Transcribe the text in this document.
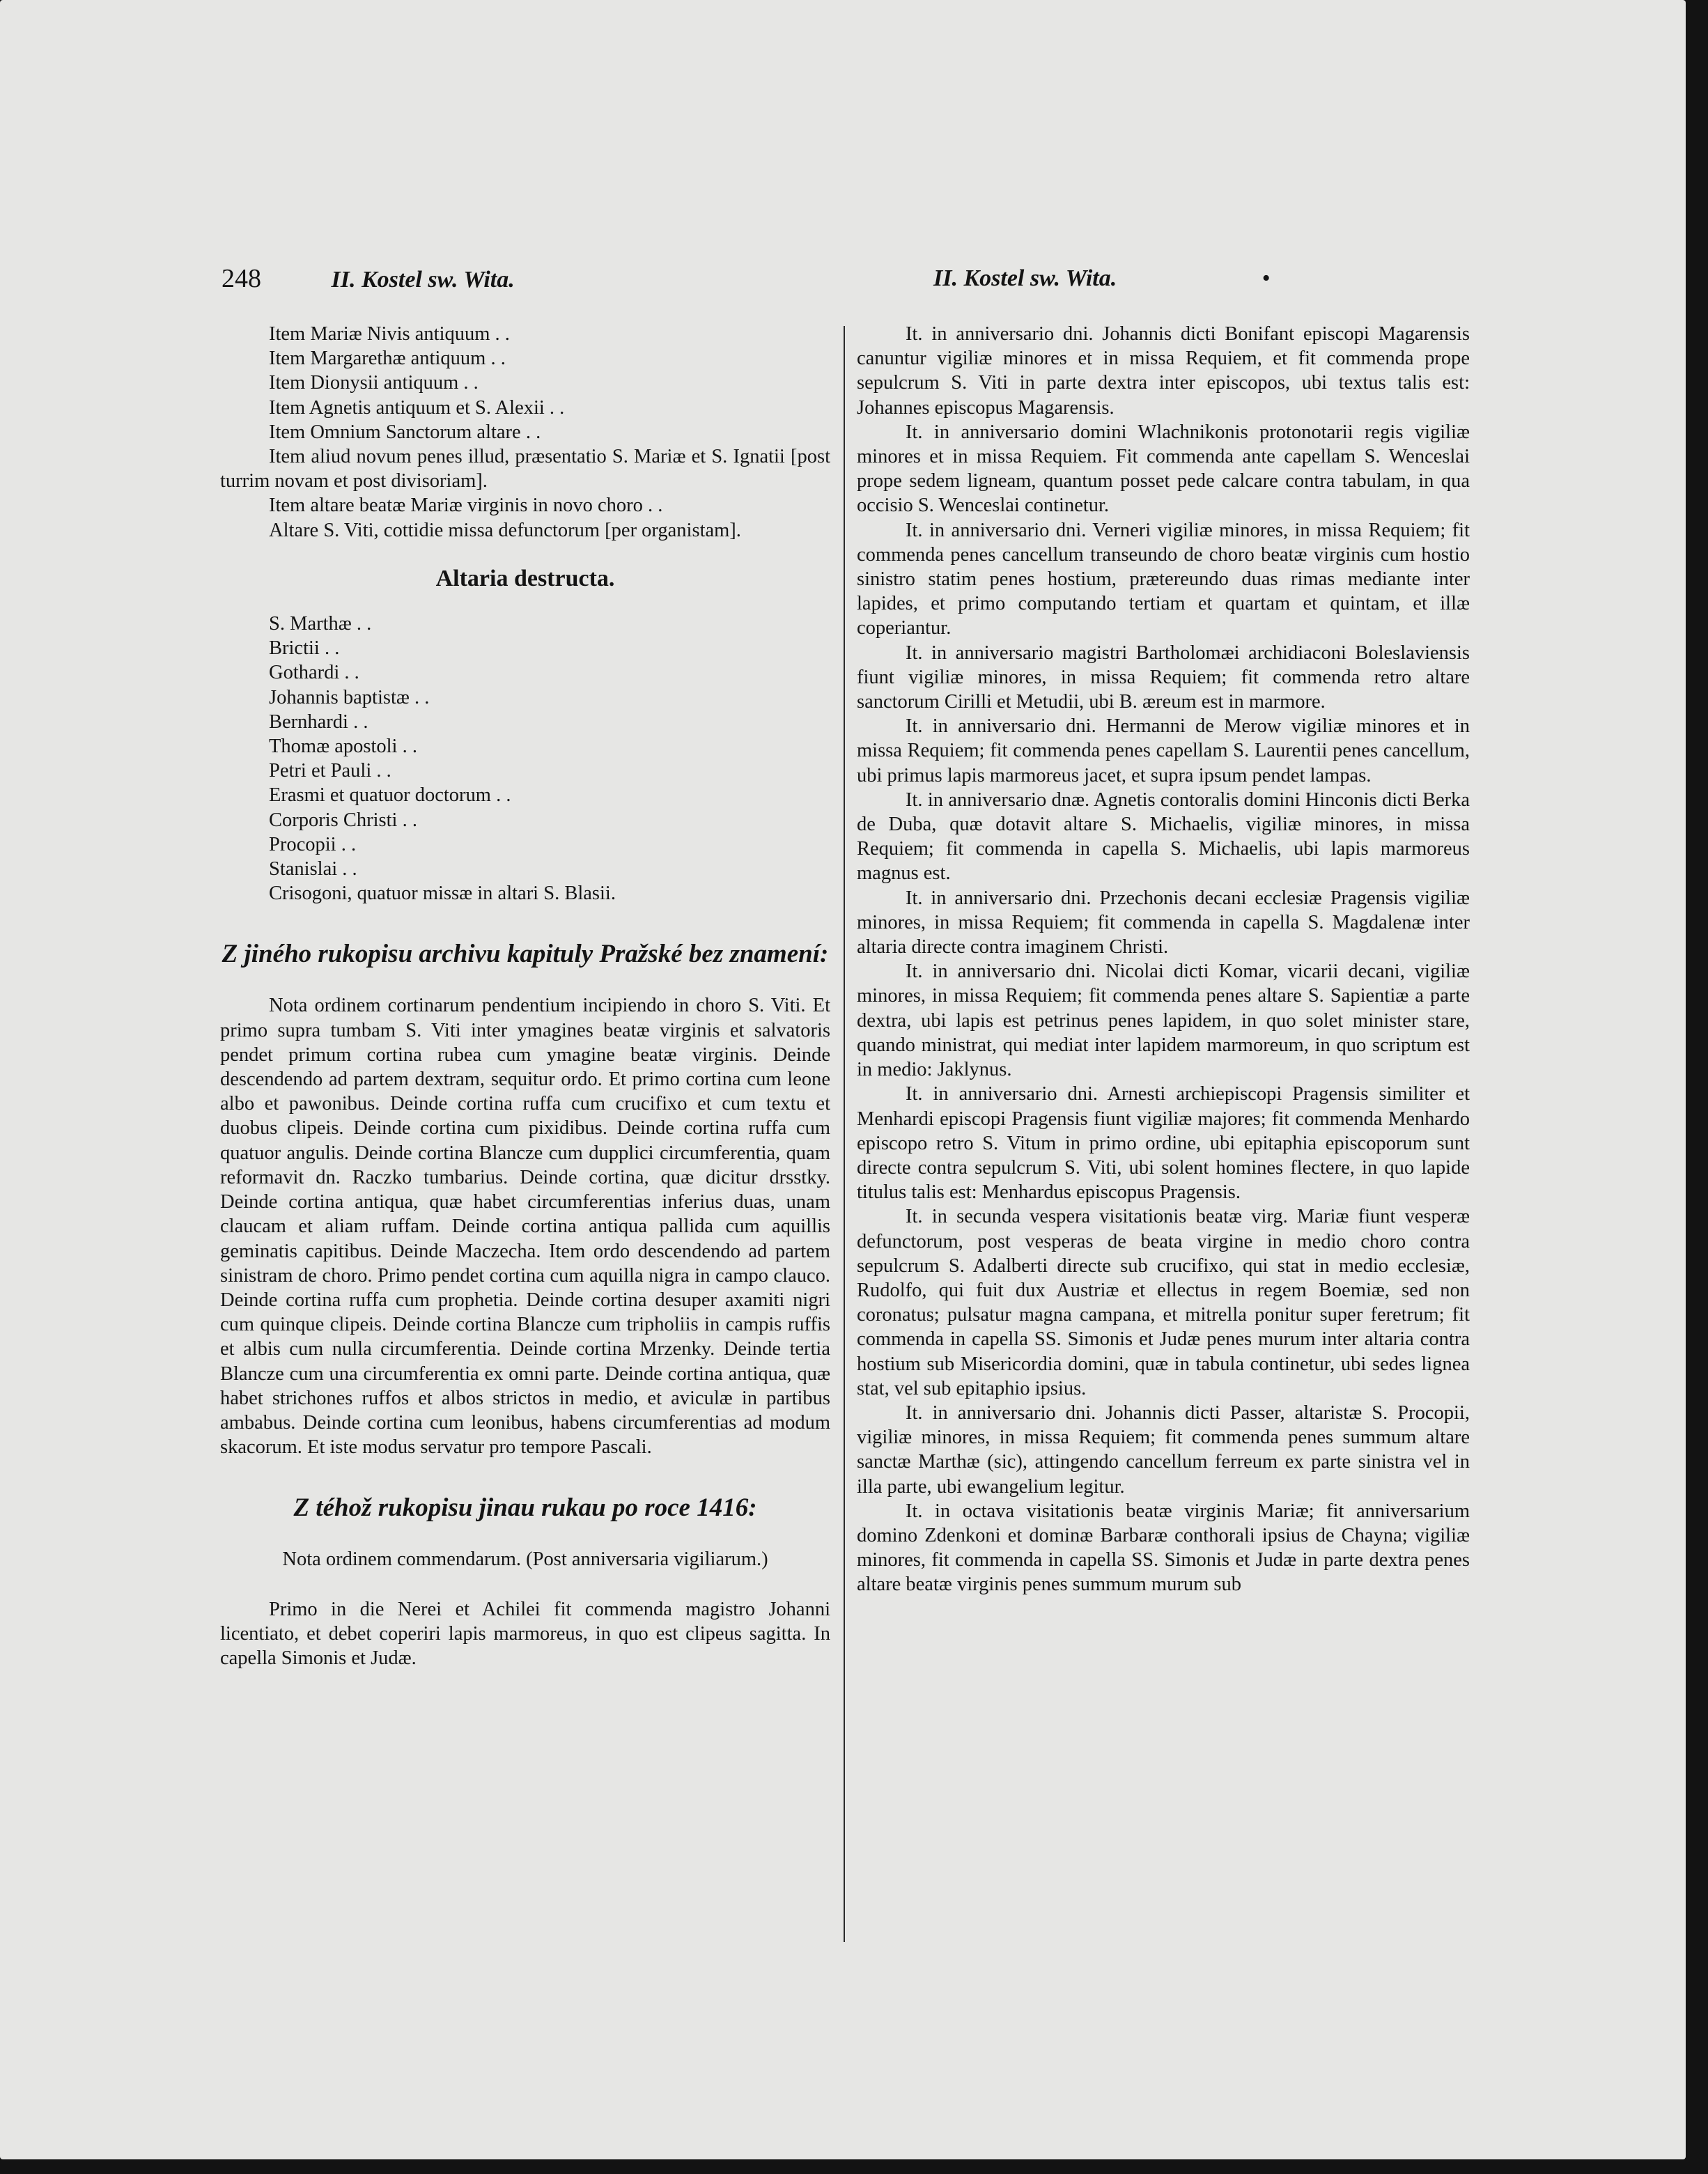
248	II. Kostel sw. Wita.	II. Kostel sw. Wita.	•
Item Mariæ Nivis antiquum . .
Item Margarethæ antiquum . .
Item Dionysii antiquum . .
Item Agnetis antiquum et S. Alexii . .
Item Omnium Sanctorum altare . .
Item aliud novum penes illud, præsentatio S. Mariæ et S. Ignatii [post turrim novam et post divisoriam].
Item altare beatæ Mariæ virginis in novo choro . .
Altare S. Viti, cottidie missa defunctorum [per organistam].
Altaria destructa.
S. Marthæ . .
Brictii . .
Gothardi . .
Johannis baptistæ . .
Bernhardi . .
Thomæ apostoli . .
Petri et Pauli . .
Erasmi et quatuor doctorum . .
Corporis Christi . .
Procopii . .
Stanislai . .
Crisogoni, quatuor missæ in altari S. Blasii.
Z jiného rukopisu archivu kapituly Pražské bez znamení:

Nota ordinem cortinarum pendentium incipiendo in choro S. Viti. Et primo supra tumbam S. Viti inter ymagines beatæ virginis et salvatoris pendet primum cortina rubea cum ymagine beatæ virginis. Deinde descendendo ad partem dextram, sequitur ordo. Et primo cortina cum leone albo et pawonibus. Deinde cortina ruffa cum crucifixo et cum textu et duobus clipeis. Deinde cortina cum pixidibus. Deinde cortina ruffa cum quatuor angulis. Deinde cortina Blancze cum dupplici circumferentia, quam reformavit dn. Raczko tumbarius. Deinde cortina, quæ dicitur drsstky. Deinde cortina antiqua, quæ habet circumferentias inferius duas, unam claucam et aliam ruffam. Deinde cortina antiqua pallida cum aquillis geminatis capitibus. Deinde Maczecha. Item ordo descendendo ad partem sinistram de choro. Primo pendet cortina cum aquilla nigra in campo clauco. Deinde cortina ruffa cum prophetia. Deinde cortina desuper axamiti nigri cum quinque clipeis. Deinde cortina Blancze cum tripholiis in campis ruffis et albis cum nulla circumferentia. Deinde cortina Mrzenky. Deinde tertia Blancze cum una circumferentia ex omni parte. Deinde cortina antiqua, quæ habet strichones ruffos et albos strictos in medio, et aviculæ in partibus ambabus. Deinde cortina cum leonibus, habens circumferentias ad modum skacorum. Et iste modus servatur pro tempore Pascali.

Z téhož rukopisu jinau rukau po roce 1416:
Nota ordinem commendarum. (Post anniversaria vigiliarum.)

Primo in die Nerei et Achilei fit commenda magistro Johanni licentiato, et debet coperiri lapis marmoreus, in quo est clipeus sagitta. In capella Simonis et Judæ.

It. in anniversario dni. Johannis dicti Bonifant episcopi Magarensis canuntur vigiliæ minores et in missa Requiem, et fit commenda prope sepulcrum S. Viti in parte dextra inter episcopos, ubi textus talis est: Johannes episcopus Magarensis.

It. in anniversario domini Wlachnikonis protonotarii regis vigiliæ minores et in missa Requiem. Fit commenda ante capellam S. Wenceslai prope sedem ligneam, quantum posset pede calcare contra tabulam, in qua occisio S. Wenceslai continetur.

It. in anniversario dni. Verneri vigiliæ minores, in missa Requiem; fit commenda penes cancellum transeundo de choro beatæ virginis cum hostio sinistro statim penes hostium, prætereundo duas rimas mediante inter lapides, et primo computando tertiam et quartam et quintam, et illæ coperiantur.

It. in anniversario magistri Bartholomæi archidiaconi Boleslaviensis fiunt vigiliæ minores, in missa Requiem; fit commenda retro altare sanctorum Cirilli et Metudii, ubi B. æreum est in marmore.

It. in anniversario dni. Hermanni de Merow vigiliæ minores et in missa Requiem; fit commenda penes capellam S. Laurentii penes cancellum, ubi primus lapis marmoreus jacet, et supra ipsum pendet lampas.

It. in anniversario dnæ. Agnetis contoralis domini Hinconis dicti Berka de Duba, quæ dotavit altare S. Michaelis, vigiliæ minores, in missa Requiem; fit commenda in capella S. Michaelis, ubi lapis marmoreus magnus est.

It. in anniversario dni. Przechonis decani ecclesiæ Pragensis vigiliæ minores, in missa Requiem; fit commenda in capella S. Magdalenæ inter altaria directe contra imaginem Christi.

It. in anniversario dni. Nicolai dicti Komar, vicarii decani, vigiliæ minores, in missa Requiem; fit commenda penes altare S. Sapientiæ a parte dextra, ubi lapis est petrinus penes lapidem, in quo solet minister stare, quando ministrat, qui mediat inter lapidem marmoreum, in quo scriptum est in medio: Jaklynus.

It. in anniversario dni. Arnesti archiepiscopi Pragensis similiter et Menhardi episcopi Pragensis fiunt vigiliæ majores; fit commenda Menhardo episcopo retro S. Vitum in primo ordine, ubi epitaphia episcoporum sunt directe contra sepulcrum S. Viti, ubi solent homines flectere, in quo lapide titulus talis est: Menhardus episcopus Pragensis.

It. in secunda vespera visitationis beatæ virg. Mariæ fiunt vesperæ defunctorum, post vesperas de beata virgine in medio choro contra sepulcrum S. Adalberti directe sub crucifixo, qui stat in medio ecclesiæ, Rudolfo, qui fuit dux Austriæ et ellectus in regem Boemiæ, sed non coronatus; pulsatur magna campana, et mitrella ponitur super feretrum; fit commenda in capella SS. Simonis et Judæ penes murum inter altaria contra hostium sub Misericordia domini, quæ in tabula continetur, ubi sedes lignea stat, vel sub epitaphio ipsius.

It. in anniversario dni. Johannis dicti Passer, altaristæ S. Procopii, vigiliæ minores, in missa Requiem; fit commenda penes summum altare sanctæ Marthæ (sic), attingendo cancellum ferreum ex parte sinistra vel in illa parte, ubi ewangelium legitur.

It. in octava visitationis beatæ virginis Mariæ; fit anniversarium domino Zdenkoni et dominæ Barbaræ conthorali ipsius de Chayna; vigiliæ minores, fit commenda in capella SS. Simonis et Judæ in parte dextra penes altare beatæ virginis penes summum murum sub
